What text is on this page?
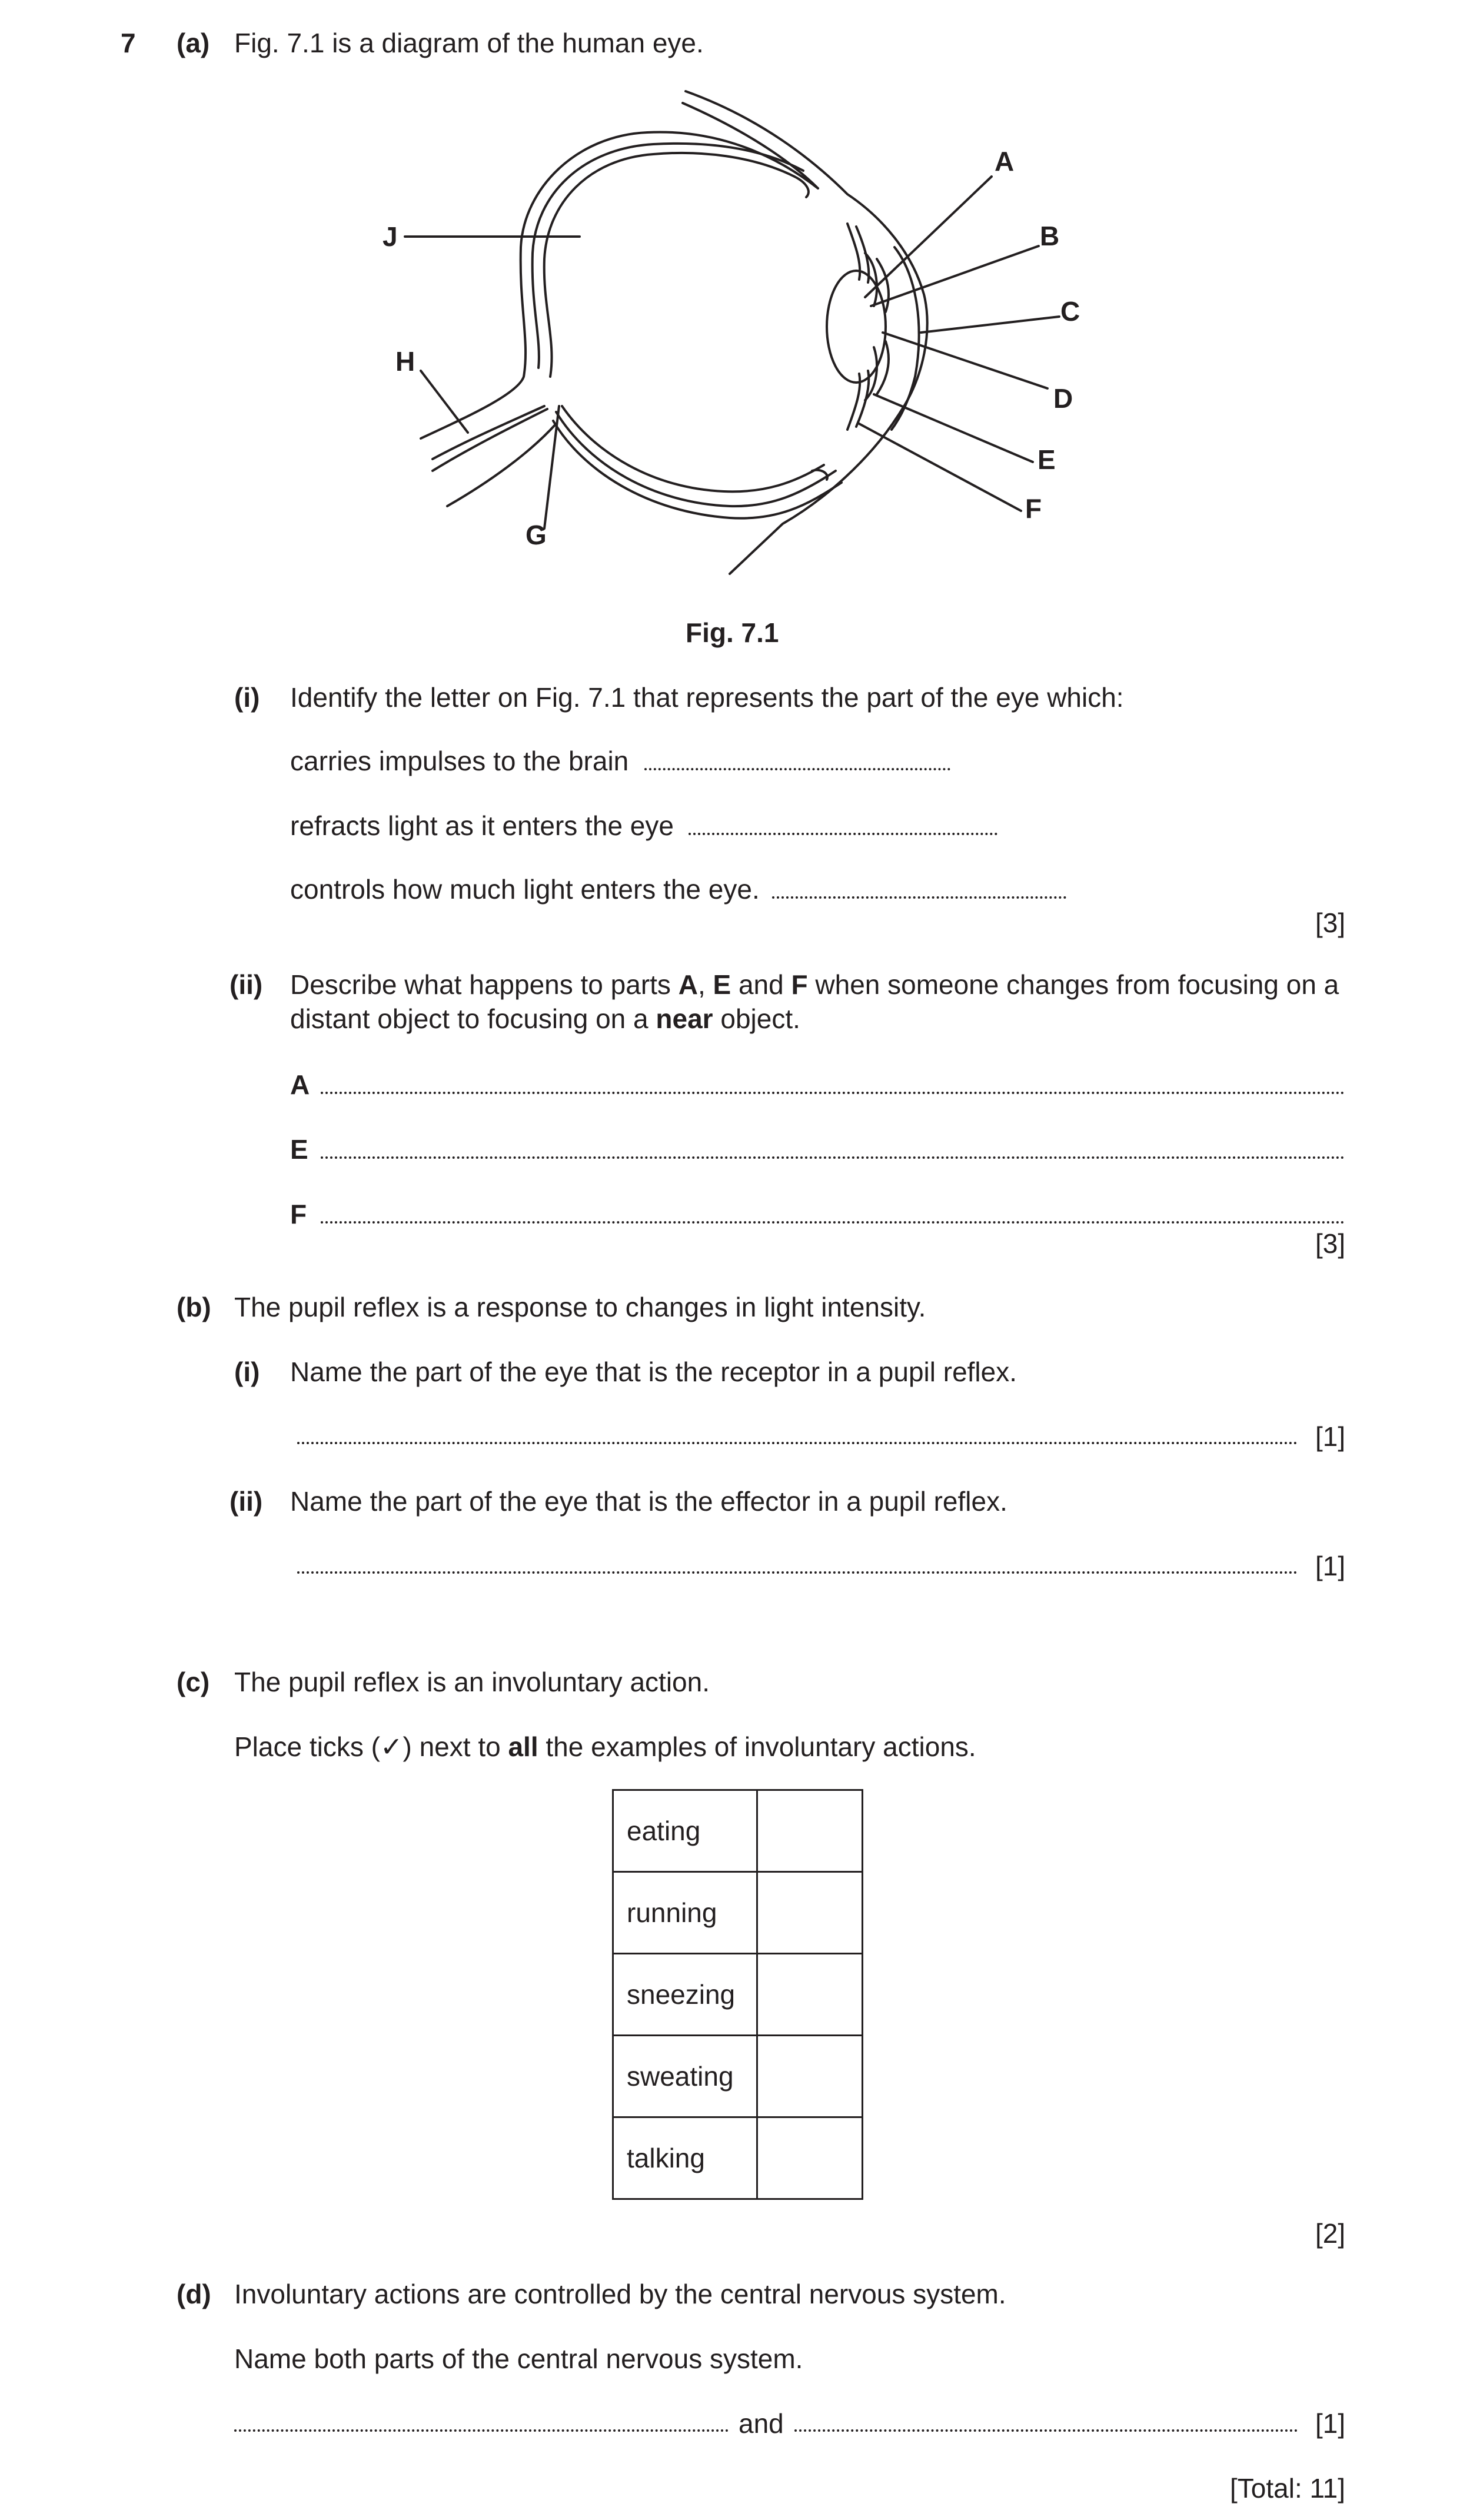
7 (a) Fig. 7.1 is a diagram of the human eye.
A
B
C
D
E
F
G
H
J
Fig. 7.1
(i) Identify the letter on Fig. 7.1 that represents the part of the eye which:
carries impulses to the brain
refracts light as it enters the eye
controls how much light enters the eye.
[3]
(ii) Describe what happens to parts A, E and F when someone changes from focusing on a
distant object to focusing on a near object.
A
E
F
[3]
(b) The pupil reflex is a response to changes in light intensity.
(i) Name the part of the eye that is the receptor in a pupil reflex.
[1]
(ii) Name the part of the eye that is the effector in a pupil reflex.
[1]
(c) The pupil reflex is an involuntary action.
Place ticks (✓) next to all the examples of involuntary actions.
eating	
running	
sneezing	
sweating	
talking	
[2]
(d) Involuntary actions are controlled by the central nervous system.
Name both parts of the central nervous system.
and	[1]
[Total: 11]
